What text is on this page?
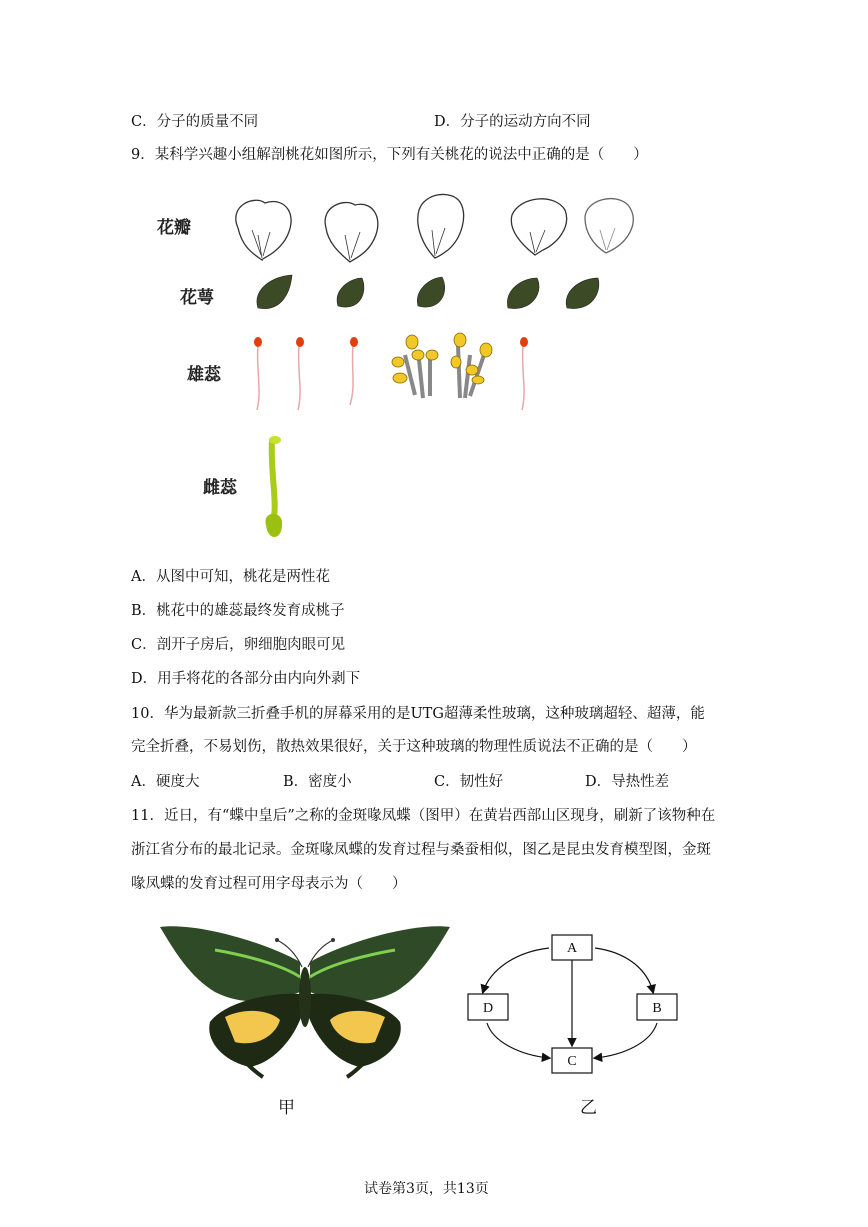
C．分子的质量不同	D．分子的运动方向不同
9．某科学兴趣小组解剖桃花如图所示，下列有关桃花的说法中正确的是（　　）
花瓣
花萼
雄蕊
雌蕊
A．从图中可知，桃花是两性花
B．桃花中的雄蕊最终发育成桃子
C．剖开子房后，卵细胞肉眼可见
D．用手将花的各部分由内向外剥下
10．华为最新款三折叠手机的屏幕采用的是UTG超薄柔性玻璃，这种玻璃超轻、超薄，能
完全折叠，不易划伤，散热效果很好，关于这种玻璃的物理性质说法不正确的是（　　）
A．硬度大	B．密度小	C．韧性好	D．导热性差
11．近日，有“蝶中皇后”之称的金斑喙凤蝶（图甲）在黄岩西部山区现身，刷新了该物种在
浙江省分布的最北记录。金斑喙凤蝶的发育过程与桑蚕相似，图乙是昆虫发育模型图，金斑
喙凤蝶的发育过程可用字母表示为（　　）
甲
A
B
C
D
乙
试卷第3页，共13页
